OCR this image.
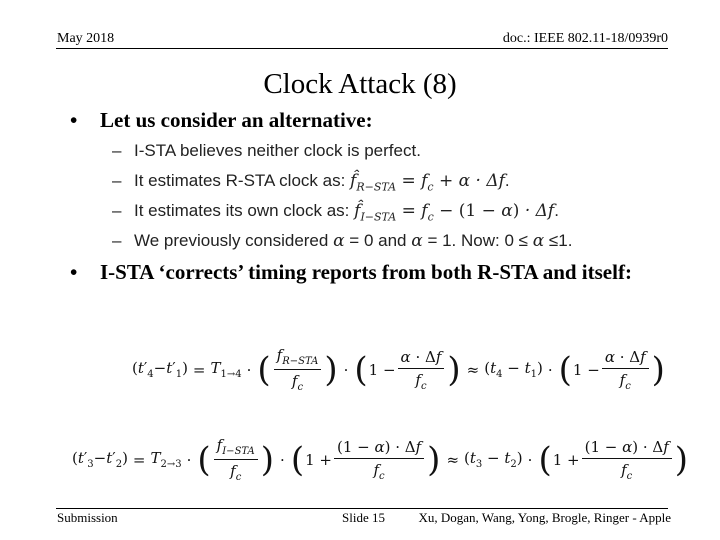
May 2018	doc.: IEEE 802.11-18/0939r0
Clock Attack (8)
• Let us consider an alternative:
– I-STA believes neither clock is perfect.
– It estimates R-STA clock as: $f̂_{R-STA} = f_c + \alpha \cdot \Delta f$.
– It estimates its own clock as: $f̂_{I-STA} = f_c - (1 - \alpha) \cdot \Delta f$.
– We previously considered α = 0 and α = 1. Now: 0 ≤ α ≤1.
• I-STA ‘corrects’ timing reports from both R-STA and itself:
$(t'_4-t'_1) = T_{1\to 4}$ · ( $\frac{f_{R-STA}}{f_c}$ ) · ( $1 - \frac{\alpha \cdot \Delta f}{f_c}$ ) ≈ $(t_4 - t_1)$ · ( $1 - \frac{\alpha \cdot \Delta f}{f_c}$ )
$(t'_3-t'_2) = T_{2\to 3}$ · ( $\frac{f_{I-STA}}{f_c}$ ) · ( $1 + \frac{(1 - \alpha) \cdot \Delta f}{f_c}$ ) ≈ $(t_3 - t_2)$ · ( $1 + \frac{(1 - \alpha) \cdot \Delta f}{f_c}$ )
Submission	Slide 15	Xu, Dogan, Wang, Yong, Brogle, Ringer - Apple
